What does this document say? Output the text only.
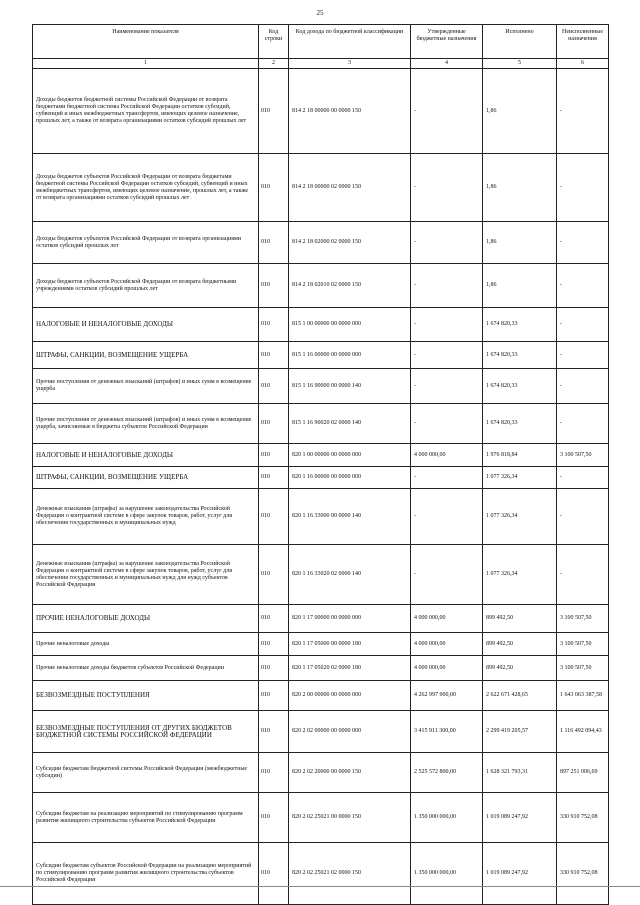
25
Наименование показателя	Код строки	Код дохода по бюджетной классификации	Утвержденные бюджетные назначения	Исполнено	Неисполненные назначения
1	2	3	4	5	6
Доходы бюджетов бюджетной системы Российской Федерации от возврата бюджетами бюджетной системы Российской Федерации остатков субсидий, субвенций и иных межбюджетных трансфертов, имеющих целевое назначение, прошлых лет, а также от возврата организациями остатков субсидий прошлых лет	010	814 2 18 00000 00 0000 150	-	1,86	-
Доходы бюджетов субъектов Российской Федерации от возврата бюджетами бюджетной системы Российской Федерации остатков субсидий, субвенций и иных межбюджетных трансфертов, имеющих целевое назначение, прошлых лет, а также от возврата организациями остатков субсидий прошлых лет	010	814 2 18 00000 02 0000 150	-	1,86	-
Доходы бюджетов субъектов Российской Федерации от возврата организациями остатков субсидий прошлых лет	010	814 2 18 02000 02 0000 150	-	1,86	-
Доходы бюджетов субъектов Российской Федерации от возврата бюджетными учреждениями остатков субсидий прошлых лет	010	814 2 18 02010 02 0000 150	-	1,86	-
НАЛОГОВЫЕ И НЕНАЛОГОВЫЕ ДОХОДЫ	010	815 1 00 00000 00 0000 000	-	1 674 820,33	-
ШТРАФЫ, САНКЦИИ, ВОЗМЕЩЕНИЕ УЩЕРБА	010	815 1 16 00000 00 0000 000	-	1 674 820,33	-
Прочие поступления от денежных взысканий (штрафов) и иных сумм в возмещение ущерба	010	815 1 16 90000 00 0000 140	-	1 674 820,33	-
Прочие поступления от денежных взысканий (штрафов) и иных сумм в возмещение ущерба, зачисляемые в бюджеты субъектов Российской Федерации	010	815 1 16 90020 02 0000 140	-	1 674 820,33	-
НАЛОГОВЫЕ И НЕНАЛОГОВЫЕ ДОХОДЫ	010	820 1 00 00000 00 0000 000	4 000 000,00	1 976 818,84	3 100 507,50
ШТРАФЫ, САНКЦИИ, ВОЗМЕЩЕНИЕ УЩЕРБА	010	820 1 16 00000 00 0000 000	-	1 077 326,34	-
Денежные взыскания (штрафы) за нарушение законодательства Российской Федерации о контрактной системе в сфере закупок товаров, работ, услуг для обеспечения государственных и муниципальных нужд	010	820 1 16 33000 00 0000 140	-	1 077 326,34	-
Денежные взыскания (штрафы) за нарушение законодательства Российской Федерации о контрактной системе в сфере закупок товаров, работ, услуг для обеспечения государственных и муниципальных нужд для нужд субъектов Российской Федерации	010	820 1 16 33020 02 0000 140	-	1 077 326,34	-
ПРОЧИЕ НЕНАЛОГОВЫЕ ДОХОДЫ	010	820 1 17 00000 00 0000 000	4 000 000,00	899 492,50	3 100 507,50
Прочие неналоговые доходы	010	820 1 17 05000 00 0000 180	4 000 000,00	899 492,50	3 100 507,50
Прочие неналоговые доходы бюджетов субъектов Российской Федерации	010	820 1 17 05020 02 0000 180	4 000 000,00	899 492,50	3 100 507,50
БЕЗВОЗМЕЗДНЫЕ ПОСТУПЛЕНИЯ	010	820 2 00 00000 00 0000 000	4 262 997 900,00	2 622 671 428,65	1 643 063 387,58
БЕЗВОЗМЕЗДНЫЕ ПОСТУПЛЕНИЯ ОТ ДРУГИХ БЮДЖЕТОВ БЮДЖЕТНОЙ СИСТЕМЫ РОССИЙСКОЙ ФЕДЕРАЦИИ	010	820 2 02 00000 00 0000 000	3 415 911 300,00	2 299 419 205,57	1 116 492 094,43
Субсидии бюджетам бюджетной системы Российской Федерации (межбюджетные субсидии)	010	820 2 02 20000 00 0000 150	2 525 572 800,00	1 628 321 793,31	897 251 006,69
Субсидии бюджетам на реализацию мероприятий по стимулированию программ развития жилищного строительства субъектов Российской Федерации	010	820 2 02 25021 00 0000 150	1 350 000 000,00	1 019 089 247,92	330 910 752,08
Субсидии бюджетам субъектов Российской Федерации на реализацию мероприятий по стимулированию программ развития жилищного строительства субъектов Российской Федерации	010	820 2 02 25021 02 0000 150	1 350 000 000,00	1 019 089 247,92	330 910 752,08
